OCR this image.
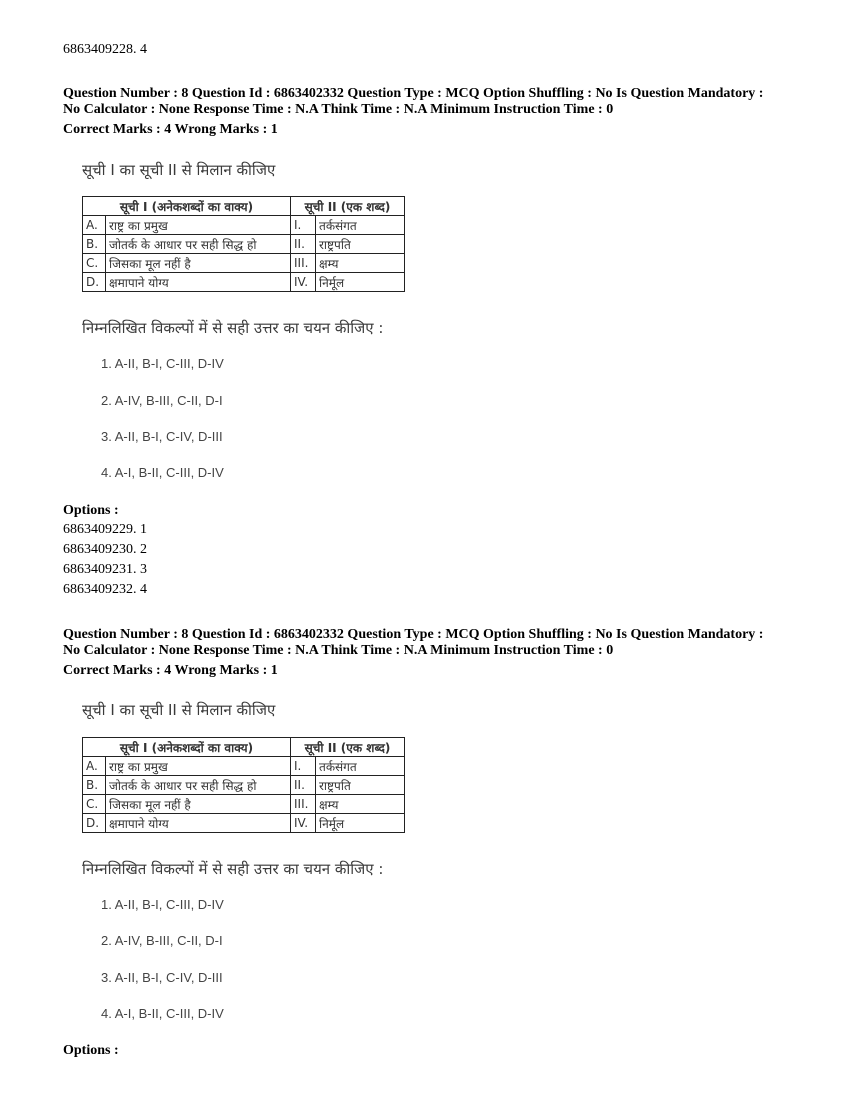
6863409228. 4
Question Number : 8 Question Id : 6863402332 Question Type : MCQ Option Shuffling : No Is Question Mandatory :
No Calculator : None Response Time : N.A Think Time : N.A Minimum Instruction Time : 0
Correct Marks : 4 Wrong Marks : 1
सूची I का सूची II से मिलान कीजिए
सूची I (अनेकशब्दों का वाक्य)		सूची II (एक शब्द)	
A.	राष्ट्र का प्रमुख	I.	तर्कसंगत
B.	जोतर्क के आधार पर सही सिद्ध हो	II.	राष्ट्रपति
C.	जिसका मूल नहीं है	III.	क्षम्य
D.	क्षमापाने योग्य	IV.	निर्मूल
निम्नलिखित विकल्पों में से सही उत्तर का चयन कीजिए :
1. A-II, B-I, C-III, D-IV
2. A-IV, B-III, C-II, D-I
3. A-II, B-I, C-IV, D-III
4. A-I, B-II, C-III, D-IV
Options :
6863409229. 1
6863409230. 2
6863409231. 3
6863409232. 4
Question Number : 8 Question Id : 6863402332 Question Type : MCQ Option Shuffling : No Is Question Mandatory :
No Calculator : None Response Time : N.A Think Time : N.A Minimum Instruction Time : 0
Correct Marks : 4 Wrong Marks : 1
सूची I का सूची II से मिलान कीजिए
सूची I (अनेकशब्दों का वाक्य)		सूची II (एक शब्द)	
A.	राष्ट्र का प्रमुख	I.	तर्कसंगत
B.	जोतर्क के आधार पर सही सिद्ध हो	II.	राष्ट्रपति
C.	जिसका मूल नहीं है	III.	क्षम्य
D.	क्षमापाने योग्य	IV.	निर्मूल
निम्नलिखित विकल्पों में से सही उत्तर का चयन कीजिए :
1. A-II, B-I, C-III, D-IV
2. A-IV, B-III, C-II, D-I
3. A-II, B-I, C-IV, D-III
4. A-I, B-II, C-III, D-IV
Options :
